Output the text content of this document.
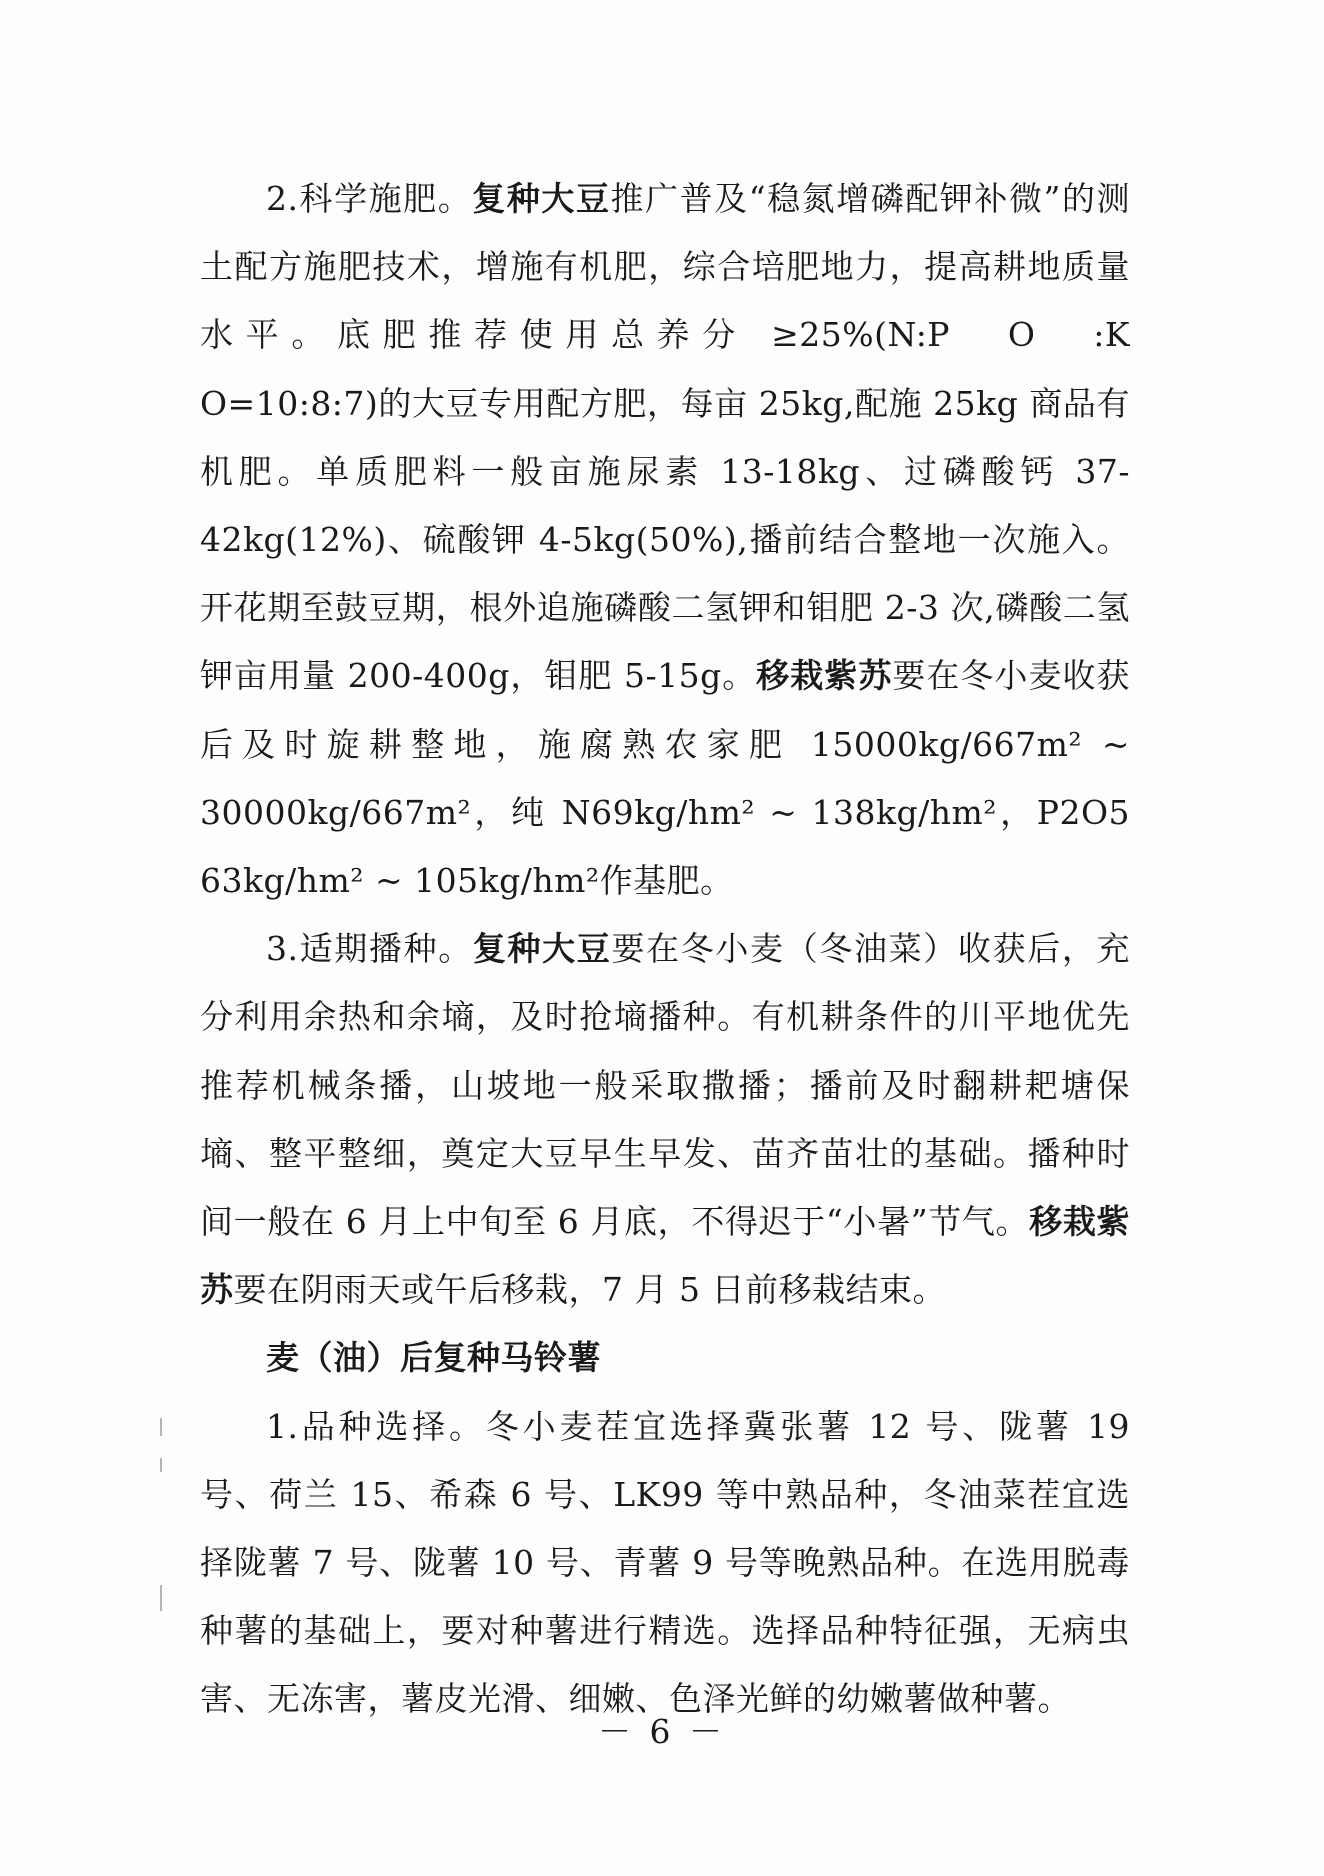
2.科学施肥。复种大豆推广普及“稳氮增磷配钾补微”的测土配方施肥技术，增施有机肥，综合培肥地力，提高耕地质量水平。底肥推荐使用总养分 ≥25%(N:P　O　:K　O=10:8:7)的大豆专用配方肥，每亩 25kg,配施 25kg 商品有机肥。单质肥料一般亩施尿素 13-18kg、过磷酸钙 37-42kg(12%)、硫酸钾 4-5kg(50%),播前结合整地一次施入。开花期至鼓豆期，根外追施磷酸二氢钾和钼肥 2-3 次,磷酸二氢钾亩用量 200-400g，钼肥 5-15g。移栽紫苏要在冬小麦收获后及时旋耕整地，施腐熟农家肥 15000kg/667m² ~ 30000kg/667m²，纯 N69kg/hm² ~ 138kg/hm²，P2O5 63kg/hm² ~ 105kg/hm²作基肥。

3.适期播种。复种大豆要在冬小麦（冬油菜）收获后，充分利用余热和余墒，及时抢墒播种。有机耕条件的川平地优先推荐机械条播，山坡地一般采取撒播；播前及时翻耕耙塘保墒、整平整细，奠定大豆早生早发、苗齐苗壮的基础。播种时间一般在 6 月上中旬至 6 月底，不得迟于“小暑”节气。移栽紫苏要在阴雨天或午后移栽，7 月 5 日前移栽结束。

麦（油）后复种马铃薯

1.品种选择。冬小麦茬宜选择冀张薯 12 号、陇薯 19 号、荷兰 15、希森 6 号、LK99 等中熟品种，冬油菜茬宜选择陇薯 7 号、陇薯 10 号、青薯 9 号等晚熟品种。在选用脱毒种薯的基础上，要对种薯进行精选。选择品种特征强，无病虫害、无冻害，薯皮光滑、细嫩、色泽光鲜的幼嫩薯做种薯。

－ 6 －
